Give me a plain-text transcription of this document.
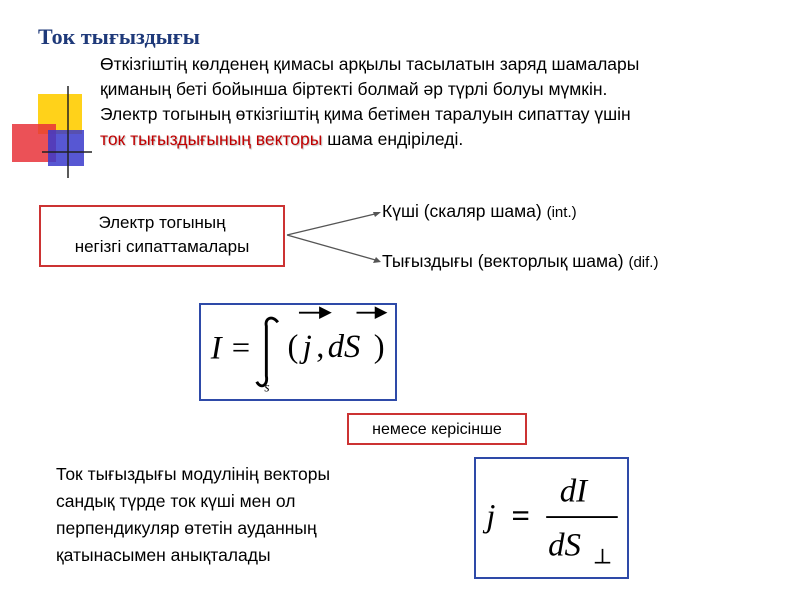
Ток тығыздығы
Өткізгіштің көлденең қимасы арқылы тасылатын заряд шамалары
қиманың беті бойынша біртекті болмай әр түрлі болуы мүмкін.
Электр тогының өткізгіштің қима бетімен таралуын сипаттау үшін
ток тығыздығының векторы шама ендіріледі.
Электр тогының
негізгі сипаттамалары
Күші (скаляр шама) (int.)
Тығыздығы (векторлық шама) (dif.)
I = ( j , dS )
s
немесе керісінше
Ток тығыздығы модулінің векторы
сандық түрде ток күші мен ол
перпендикуляр өтетін ауданның
қатынасымен анықталады
j =
dI
dS ⊥
